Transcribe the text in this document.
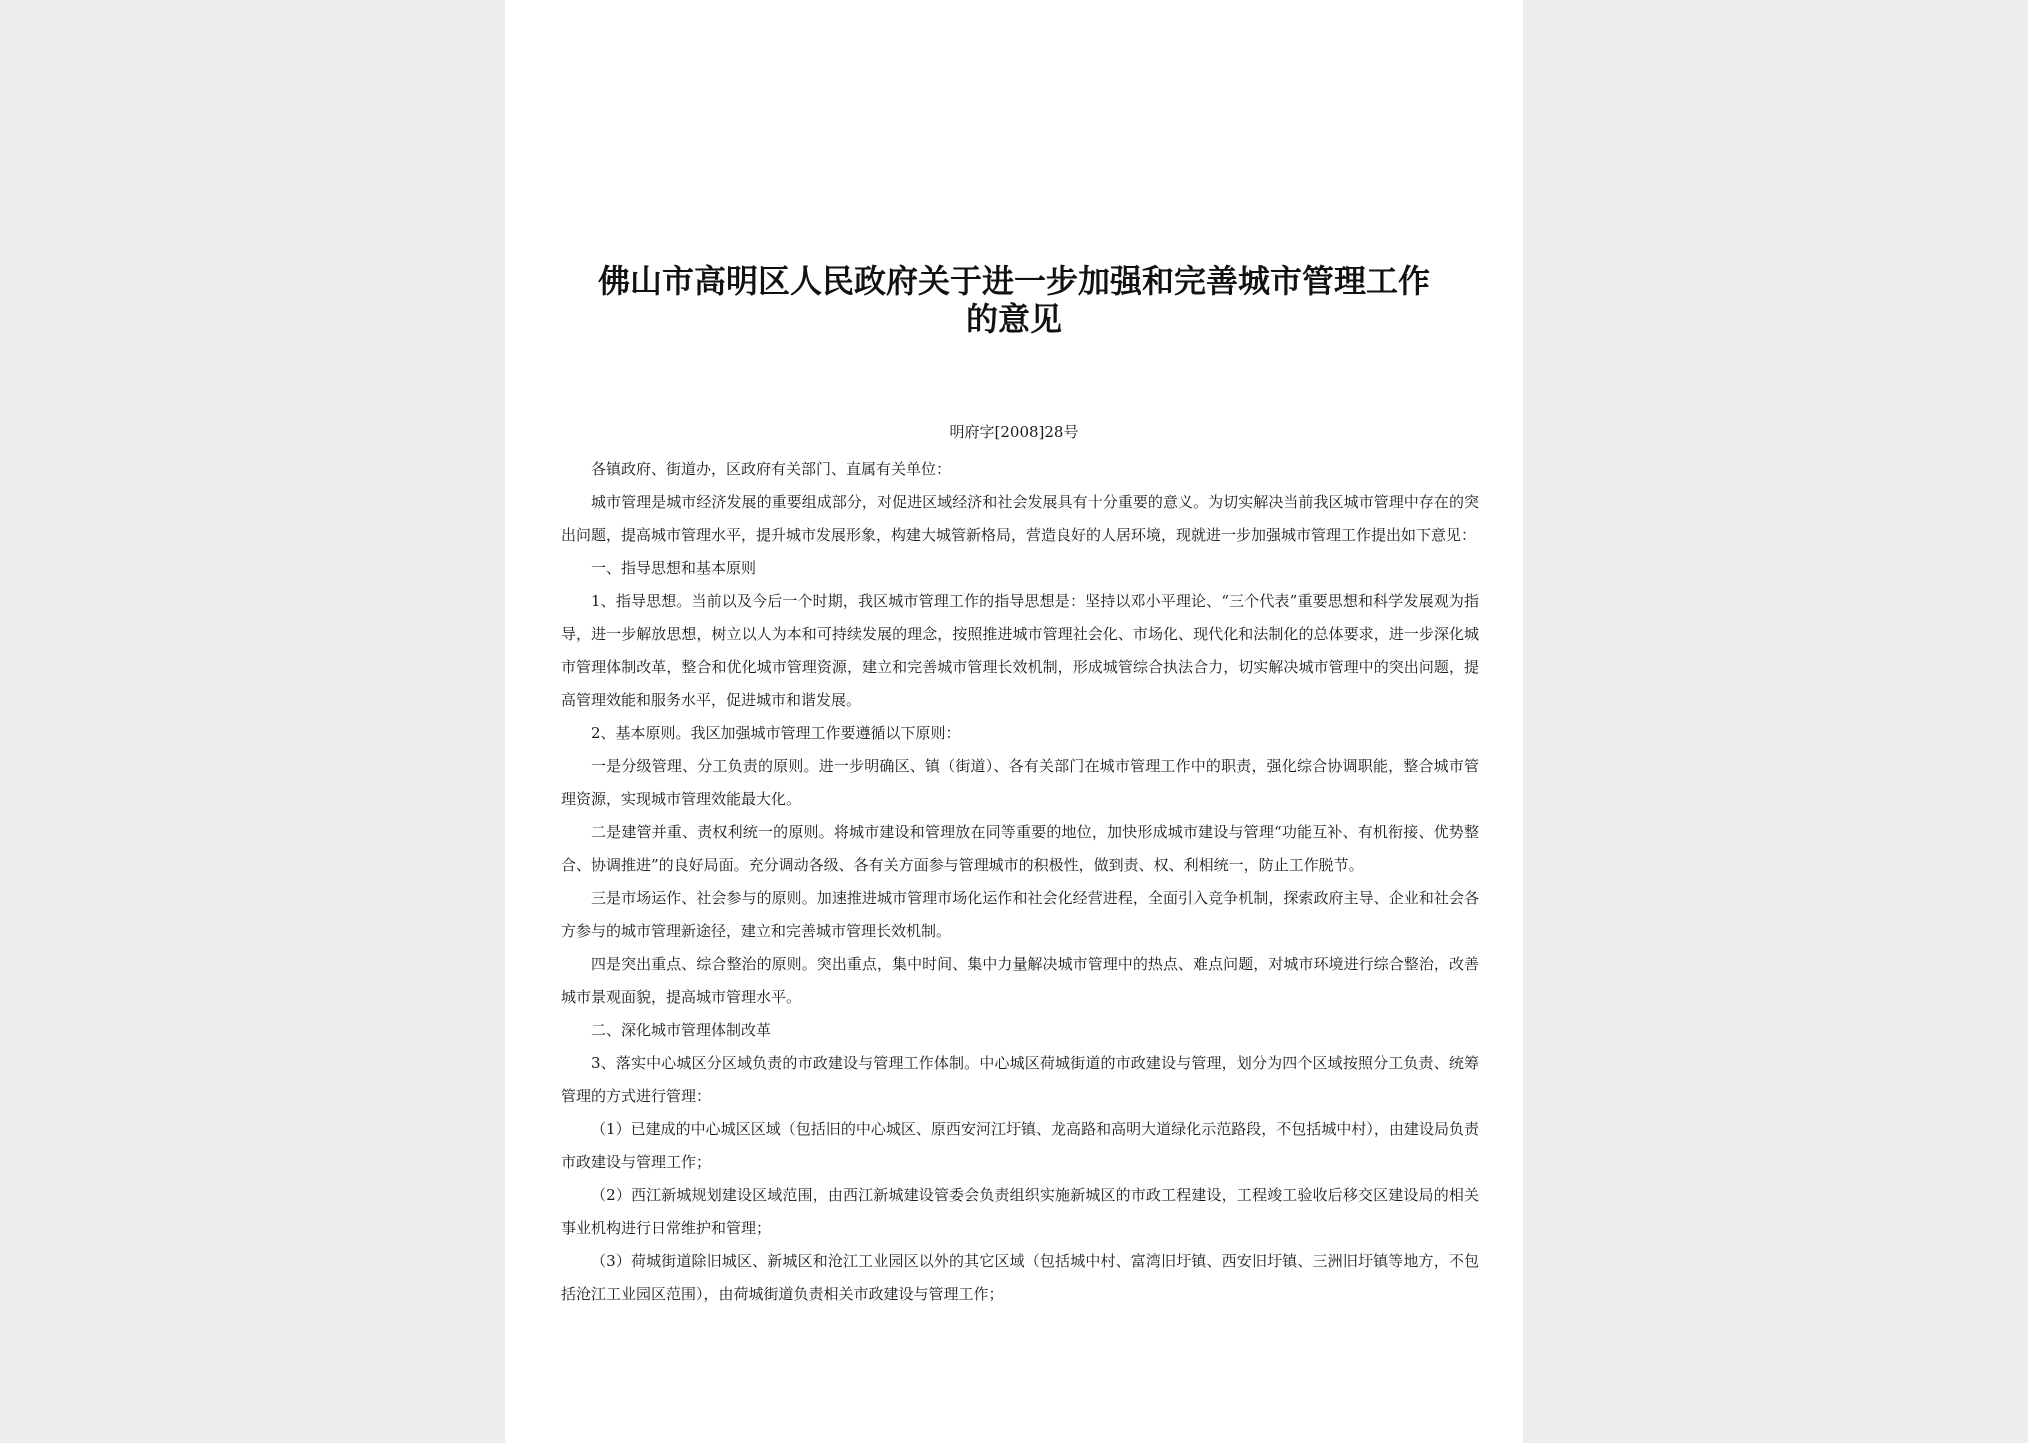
佛山市高明区人民政府关于进一步加强和完善城市管理工作的意见
明府字[2008]28号

各镇政府、街道办，区政府有关部门、直属有关单位：

城市管理是城市经济发展的重要组成部分，对促进区域经济和社会发展具有十分重要的意义。为切实解决当前我区城市管理中存在的突出问题，提高城市管理水平，提升城市发展形象，构建大城管新格局，营造良好的人居环境，现就进一步加强城市管理工作提出如下意见：

一、指导思想和基本原则

1、指导思想。当前以及今后一个时期，我区城市管理工作的指导思想是：坚持以邓小平理论、“三个代表”重要思想和科学发展观为指导，进一步解放思想，树立以人为本和可持续发展的理念，按照推进城市管理社会化、市场化、现代化和法制化的总体要求，进一步深化城市管理体制改革，整合和优化城市管理资源，建立和完善城市管理长效机制，形成城管综合执法合力，切实解决城市管理中的突出问题，提高管理效能和服务水平，促进城市和谐发展。

2、基本原则。我区加强城市管理工作要遵循以下原则：

一是分级管理、分工负责的原则。进一步明确区、镇（街道）、各有关部门在城市管理工作中的职责，强化综合协调职能，整合城市管理资源，实现城市管理效能最大化。

二是建管并重、责权利统一的原则。将城市建设和管理放在同等重要的地位，加快形成城市建设与管理“功能互补、有机衔接、优势整合、协调推进”的良好局面。充分调动各级、各有关方面参与管理城市的积极性，做到责、权、利相统一，防止工作脱节。

三是市场运作、社会参与的原则。加速推进城市管理市场化运作和社会化经营进程，全面引入竞争机制，探索政府主导、企业和社会各方参与的城市管理新途径，建立和完善城市管理长效机制。

四是突出重点、综合整治的原则。突出重点，集中时间、集中力量解决城市管理中的热点、难点问题，对城市环境进行综合整治，改善城市景观面貌，提高城市管理水平。

二、深化城市管理体制改革

3、落实中心城区分区域负责的市政建设与管理工作体制。中心城区荷城街道的市政建设与管理，划分为四个区域按照分工负责、统筹管理的方式进行管理：

（1）已建成的中心城区区域（包括旧的中心城区、原西安河江圩镇、龙高路和高明大道绿化示范路段，不包括城中村），由建设局负责市政建设与管理工作；

（2）西江新城规划建设区域范围，由西江新城建设管委会负责组织实施新城区的市政工程建设，工程竣工验收后移交区建设局的相关事业机构进行日常维护和管理；

（3）荷城街道除旧城区、新城区和沧江工业园区以外的其它区域（包括城中村、富湾旧圩镇、西安旧圩镇、三洲旧圩镇等地方，不包括沧江工业园区范围），由荷城街道负责相关市政建设与管理工作；
